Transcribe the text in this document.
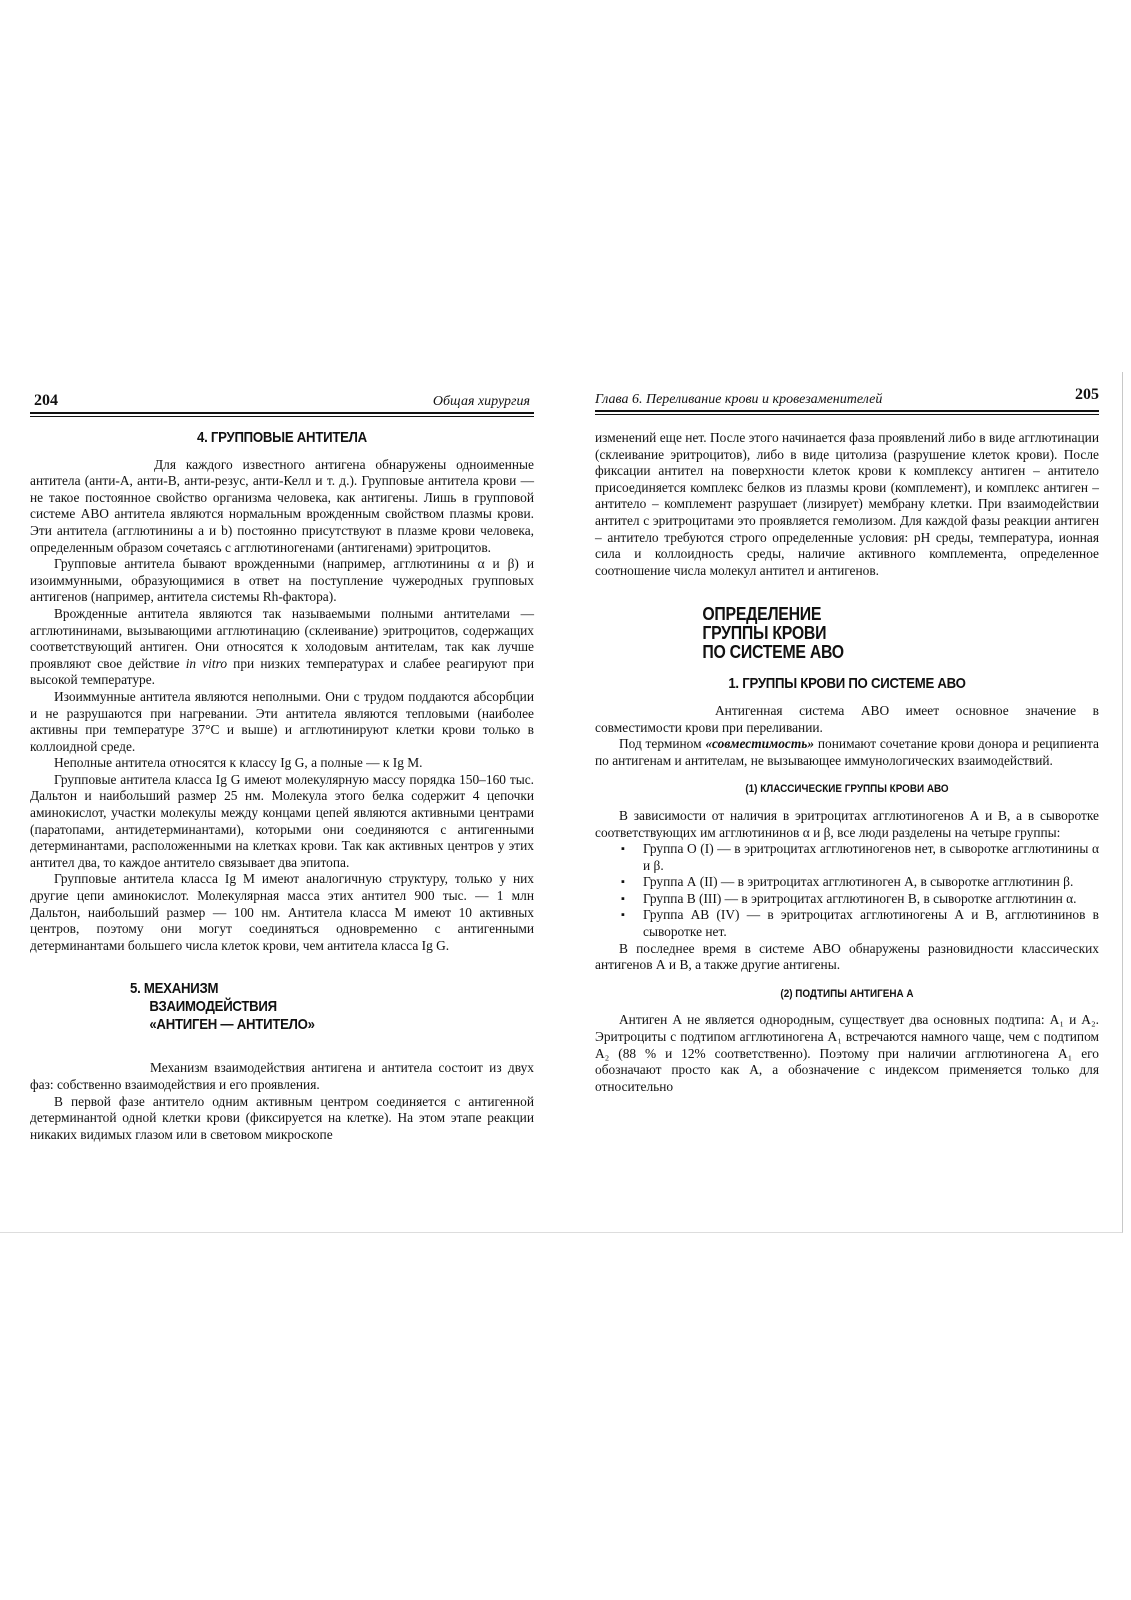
204	Общая хирургия
4. ГРУППОВЫЕ АНТИТЕЛА

Для каждого известного антигена обнаружены одноименные антитела (анти-А, анти-В, анти-резус, анти-Келл и т. д.). Групповые антитела крови — не такое постоянное свойство организма человека, как антигены. Лишь в групповой системе АВО антитела являются нормальным врожденным свойством плазмы крови. Эти антитела (агглютинины a и b) постоянно присутствуют в плазме крови человека, определенным образом сочетаясь с агглютиногенами (антигенами) эритроцитов.

Групповые антитела бывают врожденными (например, агглютинины α и β) и изоиммунными, образующимися в ответ на поступление чужеродных групповых антигенов (например, антитела системы Rh-фактора).

Врожденные антитела являются так называемыми полными антителами — агглютининами, вызывающими агглютинацию (склеивание) эритроцитов, содержащих соответствующий антиген. Они относятся к холодовым антителам, так как лучше проявляют свое действие in vitro при низких температурах и слабее реагируют при высокой температуре.

Изоиммунные антитела являются неполными. Они с трудом поддаются абсорбции и не разрушаются при нагревании. Эти антитела являются тепловыми (наиболее активны при температуре 37°С и выше) и агглютинируют клетки крови только в коллоидной среде.

Неполные антитела относятся к классу Ig G, а полные — к Ig M.

Групповые антитела класса Ig G имеют молекулярную массу порядка 150–160 тыс. Дальтон и наибольший размер 25 нм. Молекула этого белка содержит 4 цепочки аминокислот, участки молекулы между концами цепей являются активными центрами (паратопами, антидетерминантами), которыми они соединяются с антигенными детерминантами, расположенными на клетках крови. Так как активных центров у этих антител два, то каждое антитело связывает два эпитопа.

Групповые антитела класса Ig M имеют аналогичную структуру, только у них другие цепи аминокислот. Молекулярная масса этих антител 900 тыс. — 1 млн Дальтон, наибольший размер — 100 нм. Антитела класса М имеют 10 активных центров, поэтому они могут соединяться одновременно с антигенными детерминантами большего числа клеток крови, чем антитела класса Ig G.

5. МЕХАНИЗМ
ВЗАИМОДЕЙСТВИЯ
«АНТИГЕН — АНТИТЕЛО»

Механизм взаимодействия антигена и антитела состоит из двух фаз: собственно взаимодействия и его проявления.

В первой фазе антитело одним активным центром соединяется с антигенной детерминантой одной клетки крови (фиксируется на клетке). На этом этапе реакции никаких видимых глазом или в световом микроскопе

Глава 6. Переливание крови и кровезаменителей	205

изменений еще нет. После этого начинается фаза проявлений либо в виде агглютинации (склеивание эритроцитов), либо в виде цитолиза (разрушение клеток крови). После фиксации антител на поверхности клеток крови к комплексу антиген – антитело присоединяется комплекс белков из плазмы крови (комплемент), и комплекс антиген – антитело – комплемент разрушает (лизирует) мембрану клетки. При взаимодействии антител с эритроцитами это проявляется гемолизом. Для каждой фазы реакции антиген – антитело требуются строго определенные условия: pH среды, температура, ионная сила и коллоидность среды, наличие активного комплемента, определенное соотношение числа молекул антител и антигенов.

ОПРЕДЕЛЕНИЕ
ГРУППЫ КРОВИ
ПО СИСТЕМЕ АВО
1. ГРУППЫ КРОВИ ПО СИСТЕМЕ АВО

Антигенная система АВО имеет основное значение в совместимости крови при переливании.

Под термином «совместимость» понимают сочетание крови донора и реципиента по антигенам и антителам, не вызывающее иммунологических взаимодействий.

(1) КЛАССИЧЕСКИЕ ГРУППЫ КРОВИ АВО

В зависимости от наличия в эритроцитах агглютиногенов А и В, а в сыворотке соответствующих им агглютининов α и β, все люди разделены на четыре группы:

▪ Группа О (I) — в эритроцитах агглютиногенов нет, в сыворотке агглютинины α и β.
▪ Группа А (II) — в эритроцитах агглютиноген А, в сыворотке агглютинин β.
▪ Группа В (III) — в эритроцитах агглютиноген В, в сыворотке агглютинин α.
▪ Группа АВ (IV) — в эритроцитах агглютиногены А и В, агглютининов в сыворотке нет.

В последнее время в системе АВО обнаружены разновидности классических антигенов А и В, а также другие антигены.

(2) ПОДТИПЫ АНТИГЕНА А

Антиген А не является однородным, существует два основных подтипа: A₁ и A₂. Эритроциты с подтипом агглютиногена A₁ встречаются намного чаще, чем с подтипом A₂ (88 % и 12% соответственно). Поэтому при наличии агглютиногена A₁ его обозначают просто как А, а обозначение с индексом применяется только для относительно
